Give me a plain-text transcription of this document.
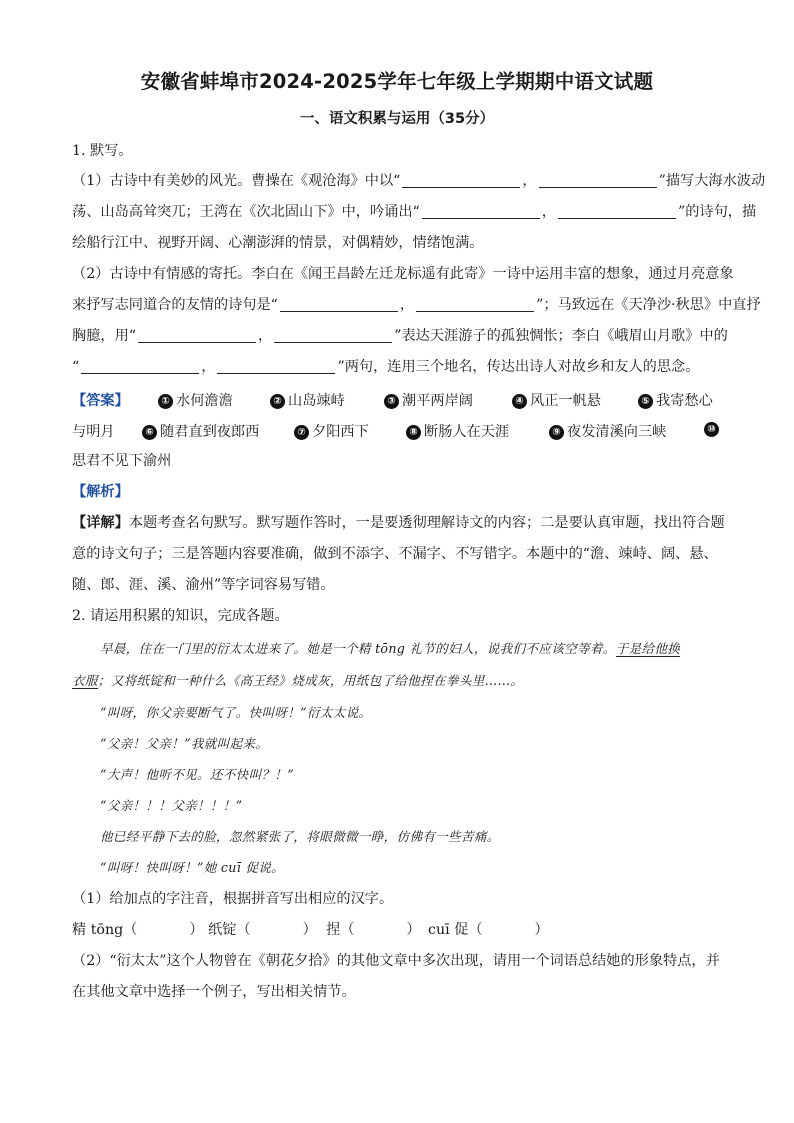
安徽省蚌埠市2024-2025学年七年级上学期期中语文试题
一、语文积累与运用（35分）
1. 默写。
（1）古诗中有美妙的风光。曹操在《观沧海》中以“	，	”描写大海水波动
荡、山岛高耸突兀；王湾在《次北固山下》中，吟诵出“	，	”的诗句，描
绘船行江中、视野开阔、心潮澎湃的情景，对偶精妙，情绪饱满。
（2）古诗中有情感的寄托。李白在《闻王昌龄左迁龙标遥有此寄》一诗中运用丰富的想象，通过月亮意象
来抒写志同道合的友情的诗句是“	，	”；马致远在《天净沙·秋思》中直抒
胸臆，用“	，	”表达天涯游子的孤独惆怅；李白《峨眉山月歌》中的
“	，	”两句，连用三个地名，传达出诗人对故乡和友人的思念。
【答案】	① 水何澹澹	② 山岛竦峙	③ 潮平两岸阔	④ 风正一帆悬	⑤ 我寄愁心
与明月	⑥ 随君直到夜郎西	⑦ 夕阳西下	⑧ 断肠人在天涯	⑨ 夜发清溪向三峡	⑩
思君不见下渝州
【解析】
【详解】本题考查名句默写。默写题作答时，一是要透彻理解诗文的内容；二是要认真审题，找出符合题
意的诗文句子；三是答题内容要准确，做到不添字、不漏字、不写错字。本题中的“澹、竦峙、阔、悬、
随、郎、涯、溪、渝州”等字词容易写错。
2. 请运用积累的知识，完成各题。
早晨，住在一门里的衍太太进来了。她是一个精 tōng 礼节的妇人，说我们不应该空等着。于是给他换
衣服；又将纸锭和一种什么《高王经》烧成灰，用纸包了给他捏在拳头里……。
“叫呀，你父亲要断气了。快叫呀！”衍太太说。
“父亲！父亲！”我就叫起来。
“大声！他听不见。还不快叫？！”
“父亲！！！父亲！！！”
他已经平静下去的脸，忽然紧张了，将眼微微一睁，仿佛有一些苦痛。
“叫呀！快叫呀！”她 cuī 促说。
（1）给加点的字注音，根据拼音写出相应的汉字。
精 tōng（	） 纸锭（	） 捏（	） cuī 促（	）
（2）“衍太太”这个人物曾在《朝花夕拾》的其他文章中多次出现，请用一个词语总结她的形象特点，并
在其他文章中选择一个例子，写出相关情节。
